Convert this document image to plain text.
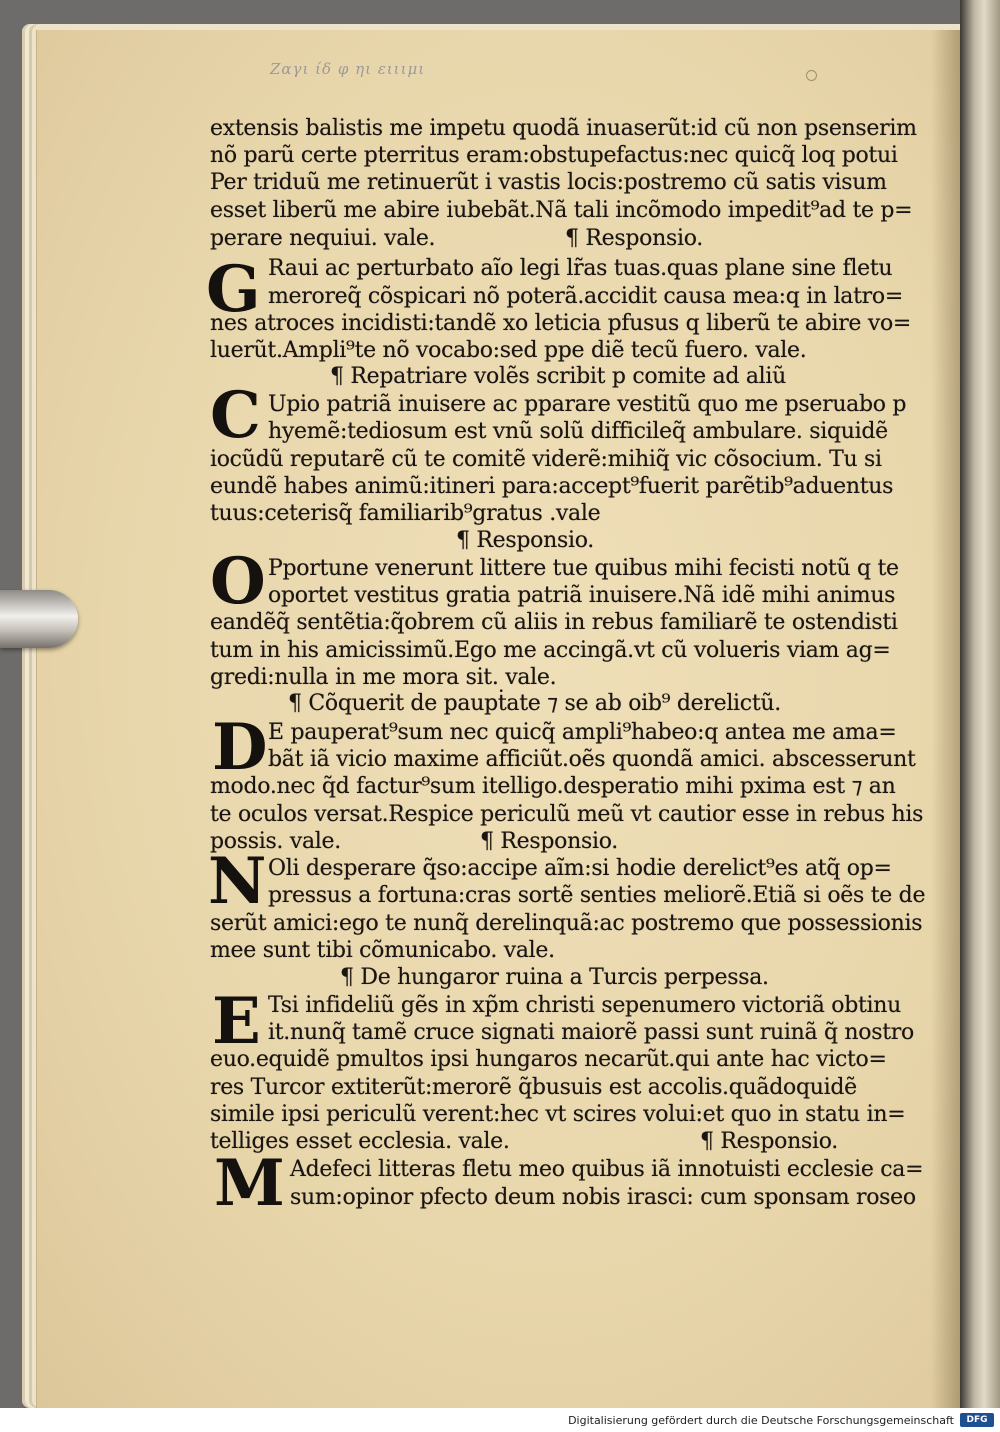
Ζαγι ίδ φ ηι ειιιμι
G
C
O
D
N
E
M
extensis balistis me impetu quodã inuaserũt:id cũ non psenserim
nõ parũ certe pterritus eram:obstupefactus:nec quicq̃ loq potui
Per triduũ me retinuerũt i vastis locis:postremo cũ satis visum
esset liberũ me abire iubebãt.Nã tali incõmodo impedit⁹ad te p=
perare nequiui. vale.	¶ Responsio.
Raui ac perturbato aĩo legi lr̃as tuas.quas plane sine fletu
meroreq̃ cõspicari nõ poterã.accidit causa mea:q in latro=
nes atroces incidisti:tandẽ xo leticia pfusus q liberũ te abire vo=
luerũt.Ampli⁹te nõ vocabo:sed ppe diẽ tecũ fuero. vale.
¶ Repatriare volẽs scribit p comite ad aliũ
Upio patriã inuisere ac pparare vestitũ quo me pseruabo p
hyemẽ:tediosum est vnũ solũ difficileq̃ ambulare. siquidẽ
iocũdũ reputarẽ cũ te comitẽ viderẽ:mihiq̃ vic cõsocium. Tu si
eundẽ habes animũ:itineri para:accept⁹fuerit parẽtib⁹aduentus
tuus:ceterisq̃ familiarib⁹gratus .vale
¶ Responsio.
Pportune venerunt littere tue quibus mihi fecisti notũ q te
oportet vestitus gratia patriã inuisere.Nã idẽ mihi animus
eandẽq̃ sentẽtia:q̃obrem cũ aliis in rebus familiarẽ te ostendisti
tum in his amicissimũ.Ego me accingã.vt cũ volueris viam ag=
gredi:nulla in me mora sit. vale.
¶ Cõquerit de paupṫate ⁊ se ab oib⁹ derelictũ.
E pauperat⁹sum nec quicq̃ ampli⁹habeo:q antea me ama=
bãt iã vicio maxime afficiũt.oẽs quondã amici. abscesserunt
modo.nec q̃d factur⁹sum itelligo.desperatio mihi pxima est ⁊ an
te oculos versat.Respice periculũ meũ vt cautior esse in rebus his
possis. vale.	¶ Responsio.
Oli desperare q̃so:accipe aĩm:si hodie derelict⁹es atq̃ op=
pressus a fortuna:cras sortẽ senties meliorẽ.Etiã si oẽs te de
serũt amici:ego te nunq̃ derelinquã:ac postremo que possessionis
mee sunt tibi cõmunicabo. vale.
¶ De hungaror ruina a Turcis perpessa.
Tsi infideliũ gẽs in xp̃m christi sepenumero victoriã obtinu
it.nunq̃ tamẽ cruce signati maiorẽ passi sunt ruinã q̃ nostro
euo.equidẽ pmultos ipsi hungaros necarũt.qui ante hac victo=
res Turcor extiterũt:merorẽ q̃busuis est accolis.quãdoquidẽ
simile ipsi periculũ verent:hec vt scires volui:et quo in statu in=
telliges esset ecclesia. vale.	¶ Responsio.
Adefeci litteras fletu meo quibus iã innotuisti ecclesie ca=
sum:opinor pfecto deum nobis irasci: cum sponsam roseo
Digitalisierung gefördert durch die Deutsche Forschungsgemeinschaft	DFG
